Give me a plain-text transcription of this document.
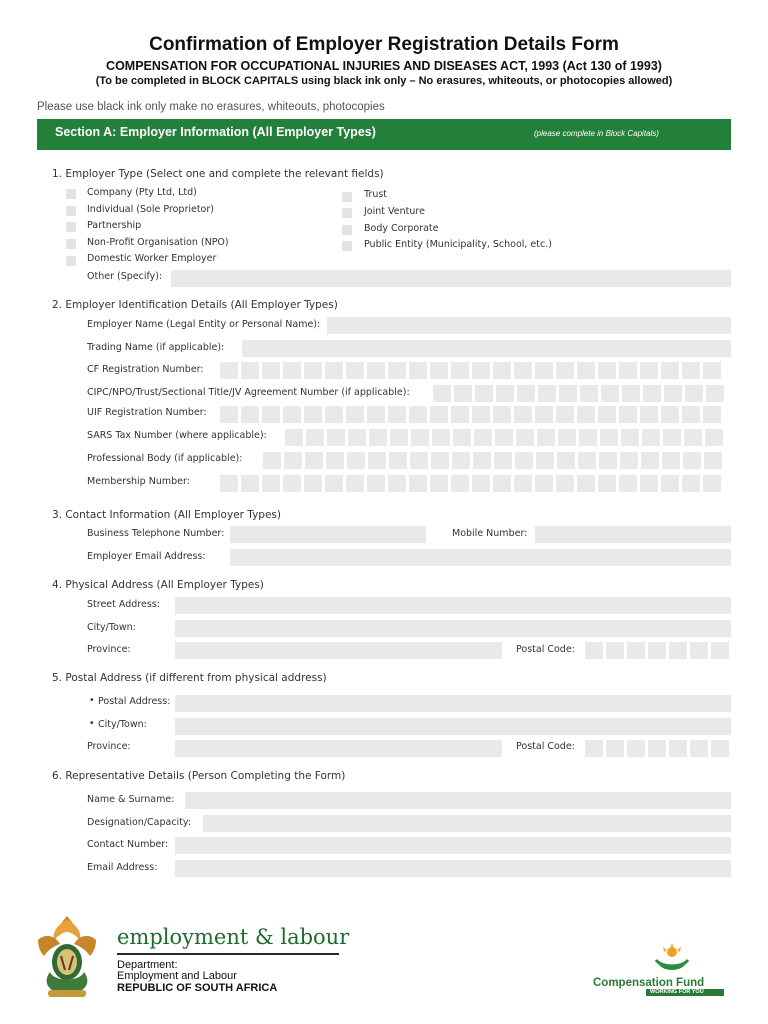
Confirmation of Employer Registration Details Form
COMPENSATION FOR OCCUPATIONAL INJURIES AND DISEASES ACT, 1993 (Act 130 of 1993)
(To be completed in BLOCK CAPITALS using black ink only – No erasures, whiteouts, or photocopies allowed)
Please use black ink only make no erasures, whiteouts, photocopies
Section A: Employer Information (All Employer Types)	(please complete in Block Capitals)
1. Employer Type (Select one and complete the relevant fields)
Company (Pty Ltd, Ltd)
Individual (Sole Proprietor)
Partnership
Non-Profit Organisation (NPO)
Domestic Worker Employer
Trust
Joint Venture
Body Corporate
Public Entity (Municipality, School, etc.)
Other (Specify):
2. Employer Identification Details (All Employer Types)
Employer Name (Legal Entity or Personal Name):
Trading Name (if applicable):
CF Registration Number:
CIPC/NPO/Trust/Sectional Title/JV Agreement Number (if applicable):
UIF Registration Number:
SARS Tax Number (where applicable):
Professional Body (if applicable):
Membership Number:
3. Contact Information (All Employer Types)
Business Telephone Number:	Mobile Number:
Employer Email Address:
4. Physical Address (All Employer Types)
Street Address:
City/Town:
Province:	Postal Code:
5. Postal Address (if different from physical address)
• Postal Address:
• City/Town:
Province:	Postal Code:
6. Representative Details (Person Completing the Form)
Name & Surname:
Designation/Capacity:
Contact Number:
Email Address:
employment & labour
Department:
Employment and Labour
REPUBLIC OF SOUTH AFRICA	Compensation Fund
WORKING FOR YOU
